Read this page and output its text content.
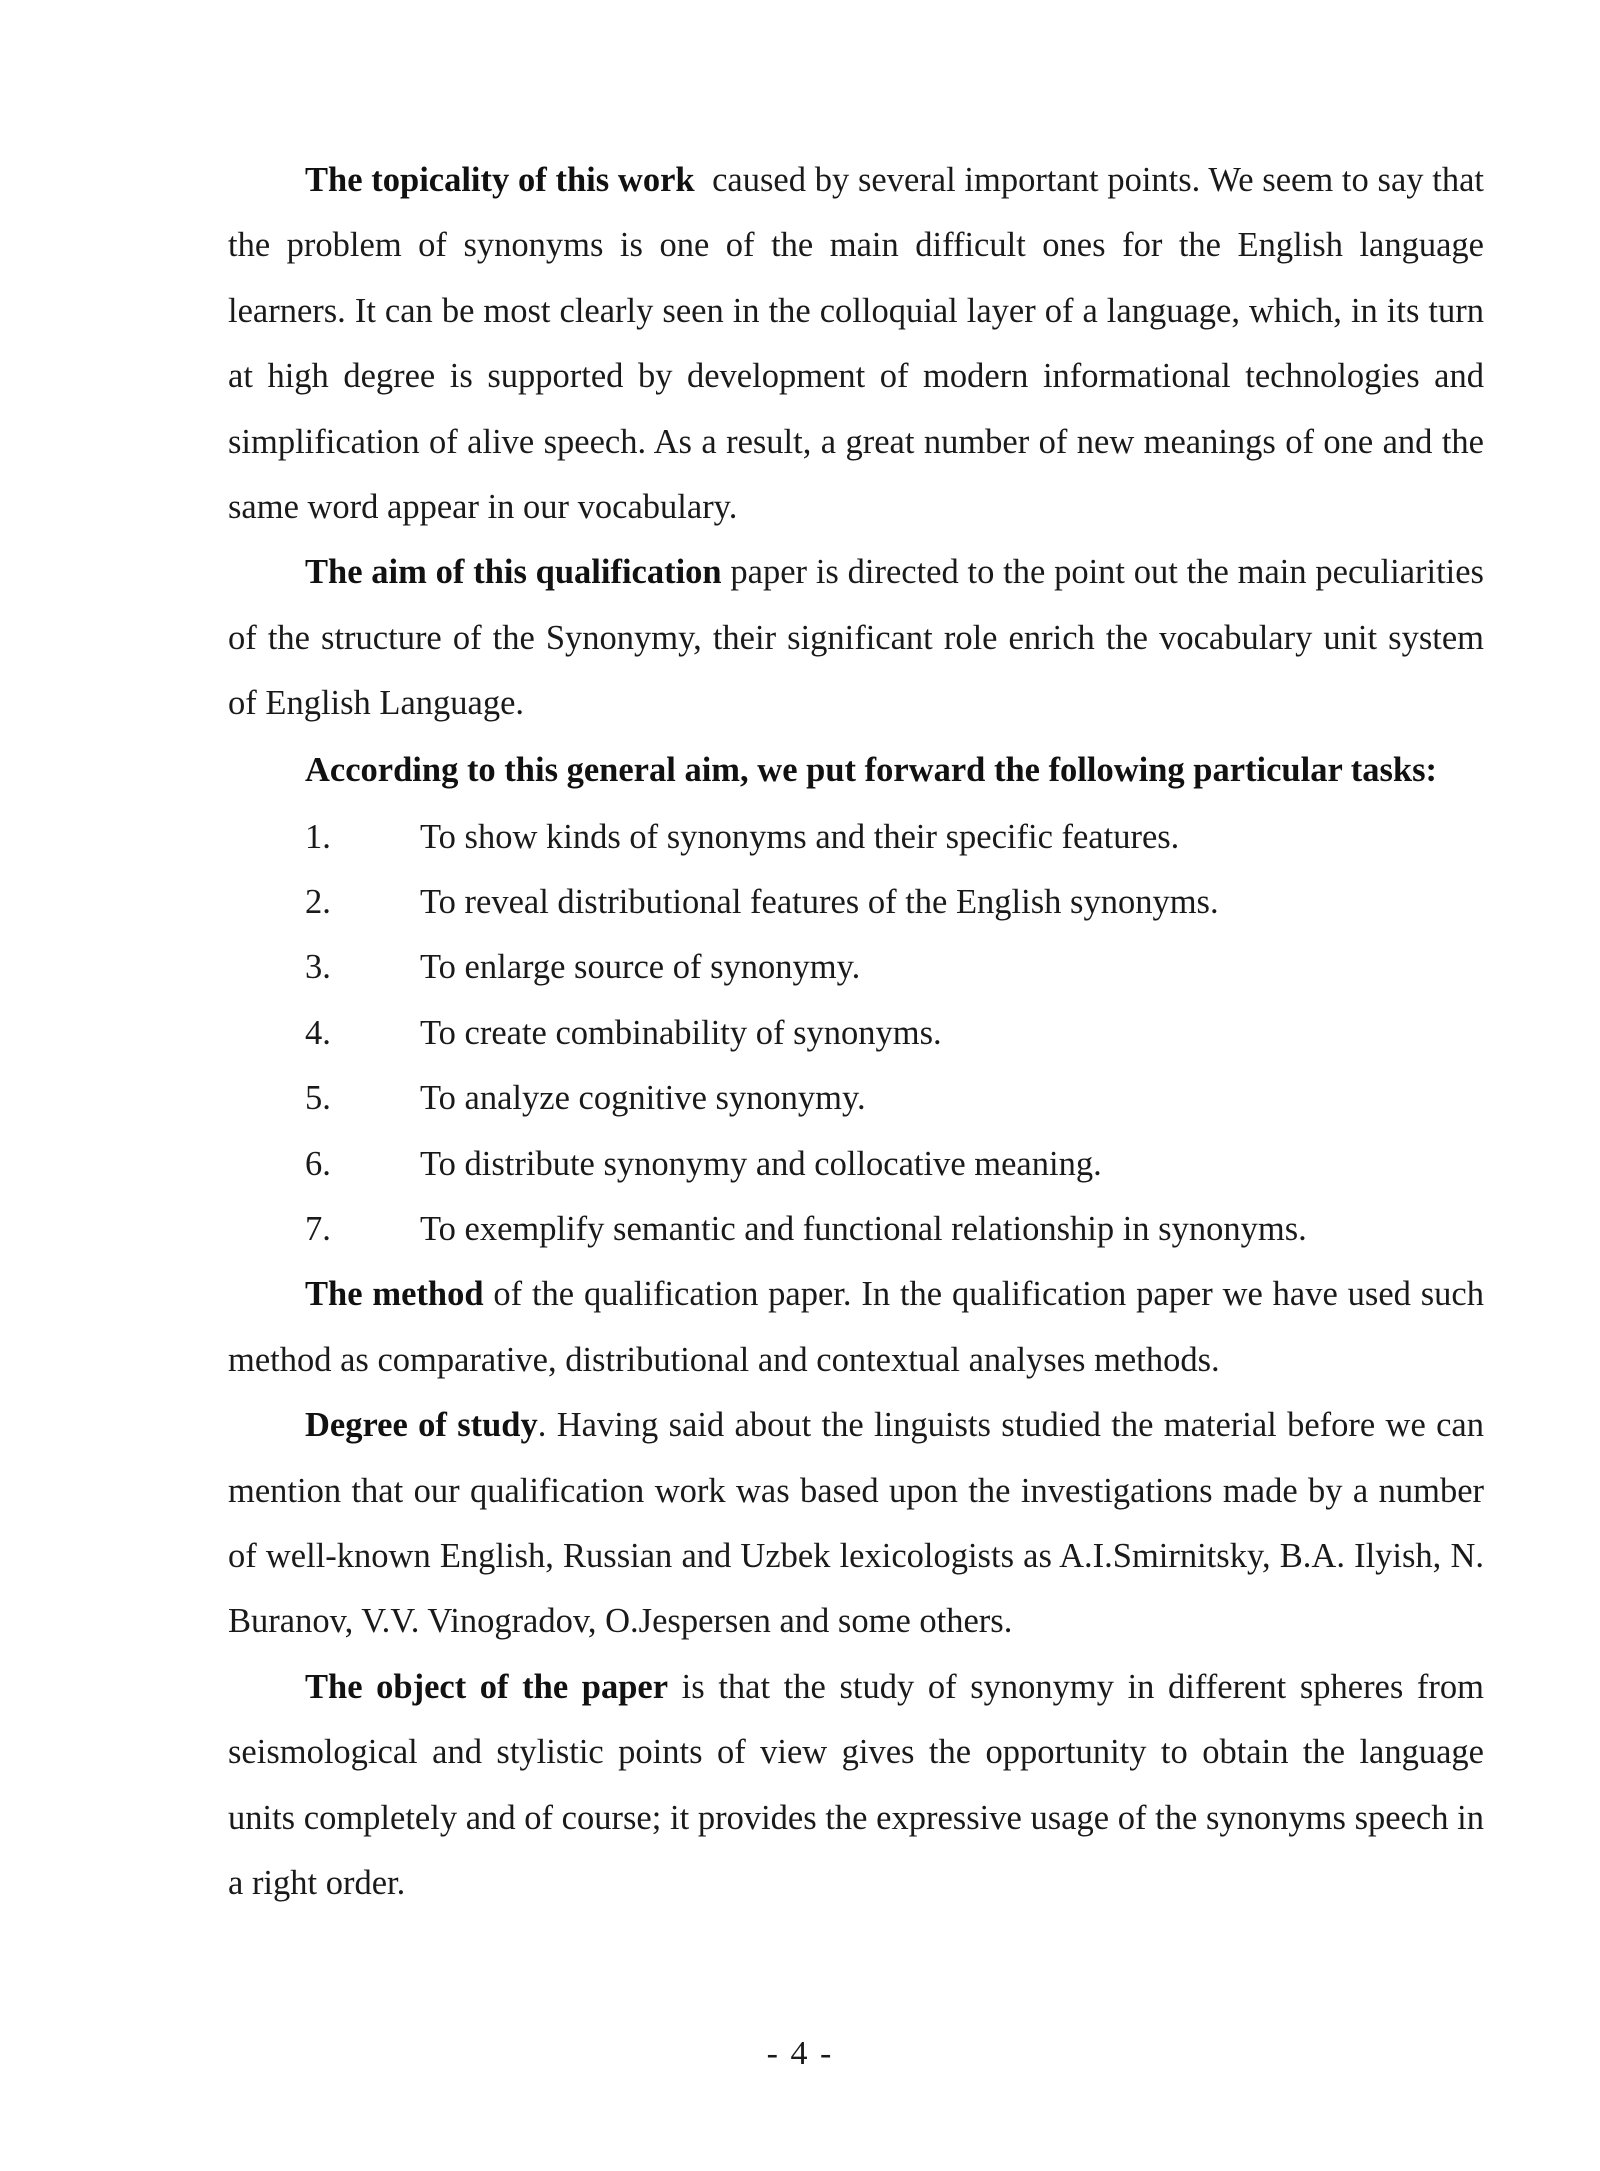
The topicality of this work  caused by several important points. We seem to say that the problem of synonyms is one of the main difficult ones for the English language learners. It can be most clearly seen in the colloquial layer of a language, which, in its turn at high degree is supported by development of modern informational technologies and simplification of alive speech. As a result, a great number of new meanings of one and the same word appear in our vocabulary.

The aim of this qualification paper is directed to the point out the main peculiarities of the structure of the Synonymy, their significant role enrich the vocabulary unit system of English Language.

According to this general aim, we put forward the following particular tasks:

1.	To show kinds of synonyms and their specific features.
2.	To reveal distributional features of the English synonyms.
3.	To enlarge source of synonymy.
4.	To create combinability of synonyms.
5.	To analyze cognitive synonymy.
6.	To distribute synonymy and collocative meaning.
7.	To exemplify semantic and functional relationship in synonyms.

The method of the qualification paper. In the qualification paper we have used such method as comparative, distributional and contextual analyses methods.

Degree of study. Having said about the linguists studied the material before we can mention that our qualification work was based upon the investigations made by a number of well-known English, Russian and Uzbek lexicologists as A.I.Smirnitsky, B.A. Ilyish, N. Buranov, V.V. Vinogradov, O.Jespersen and some others.

The object of the paper is that the study of synonymy in different spheres from seismological and stylistic points of view gives the opportunity to obtain the language units completely and of course; it provides the expressive usage of the synonyms speech in a right order.

- 4 -
